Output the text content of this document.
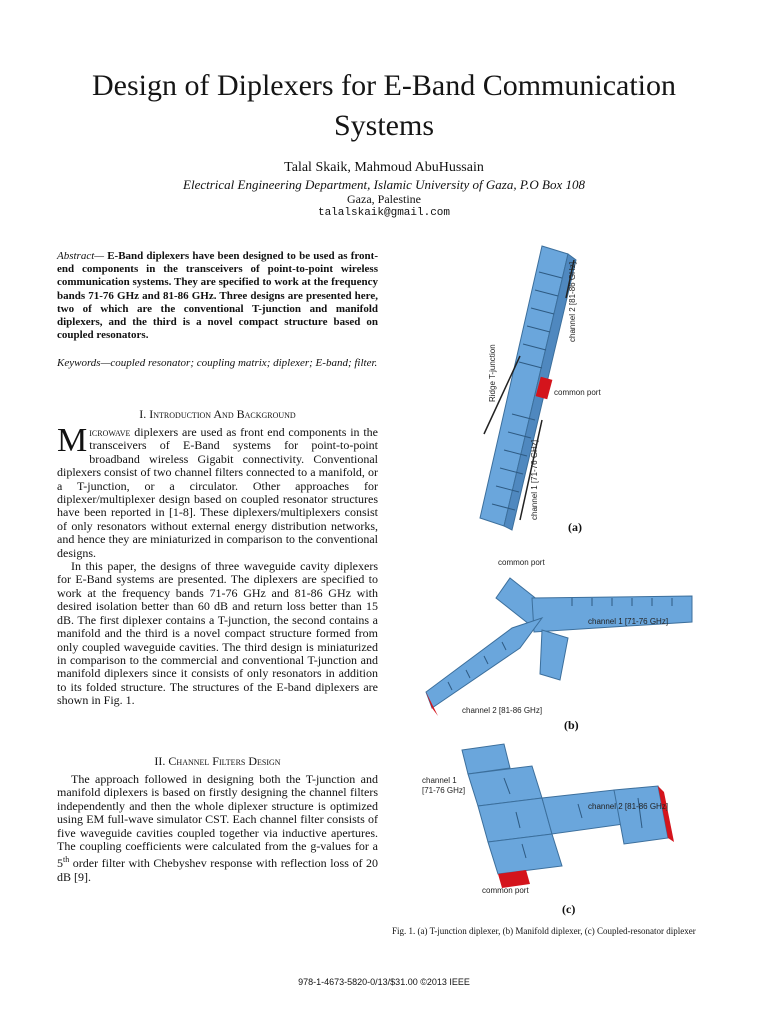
Design of Diplexers for E-Band Communication Systems
Talal Skaik, Mahmoud AbuHussain
Electrical Engineering Department, Islamic University of Gaza, P.O Box 108
Gaza, Palestine
talalskaik@gmail.com
Abstract— E-Band diplexers have been designed to be used as front-end components in the transceivers of point-to-point wireless communication systems. They are specified to work at the frequency bands 71-76 GHz and 81-86 GHz. Three designs are presented here, two of which are the conventional T-junction and manifold diplexers, and the third is a novel compact structure based on coupled resonators.
Keywords—coupled resonator; coupling matrix; diplexer; E-band; filter.
I. Introduction And Background

Microwave diplexers are used as front end components in the transceivers of E-Band systems for point-to-point broadband wireless Gigabit connectivity. Conventional diplexers consist of two channel filters connected to a manifold, or a T-junction, or a circulator. Other approaches for diplexer/multiplexer design based on coupled resonator structures have been reported in [1-8]. These diplexers/multiplexers consist of only resonators without external energy distribution networks, and hence they are miniaturized in comparison to the conventional designs.

In this paper, the designs of three waveguide cavity diplexers for E-Band systems are presented. The diplexers are specified to work at the frequency bands 71-76 GHz and 81-86 GHz with desired isolation better than 60 dB and return loss better than 15 dB. The first diplexer contains a T-junction, the second contains a manifold and the third is a novel compact structure formed from only coupled waveguide cavities. The third design is miniaturized in comparison to the commercial and conventional T-junction and manifold diplexers since it consists of only resonators in addition to its folded structure. The structures of the E-band diplexers are shown in Fig. 1.

II. Channel Filters Design

The approach followed in designing both the T-junction and manifold diplexers is based on firstly designing the channel filters independently and then the whole diplexer structure is optimized using EM full-wave simulator CST. Each channel filter consists of five waveguide cavities coupled together via inductive apertures. The coupling coefficients were calculated from the g-values for a 5th order filter with Chebyshev response with reflection loss of 20 dB [9].

Ridge T-junction
channel 2 [81-86 GHz]
common port
channel 1 [71-76 GHz]
(a)
common port
channel 1 [71-76 GHz]
channel 2 [81-86 GHz]
(b)
channel 1
[71-76 GHz]
channel 2 [81-86 GHz]
common port
(c)
Fig. 1. (a) T-junction diplexer, (b) Manifold diplexer, (c) Coupled-resonator diplexer
978-1-4673-5820-0/13/$31.00 ©2013 IEEE
